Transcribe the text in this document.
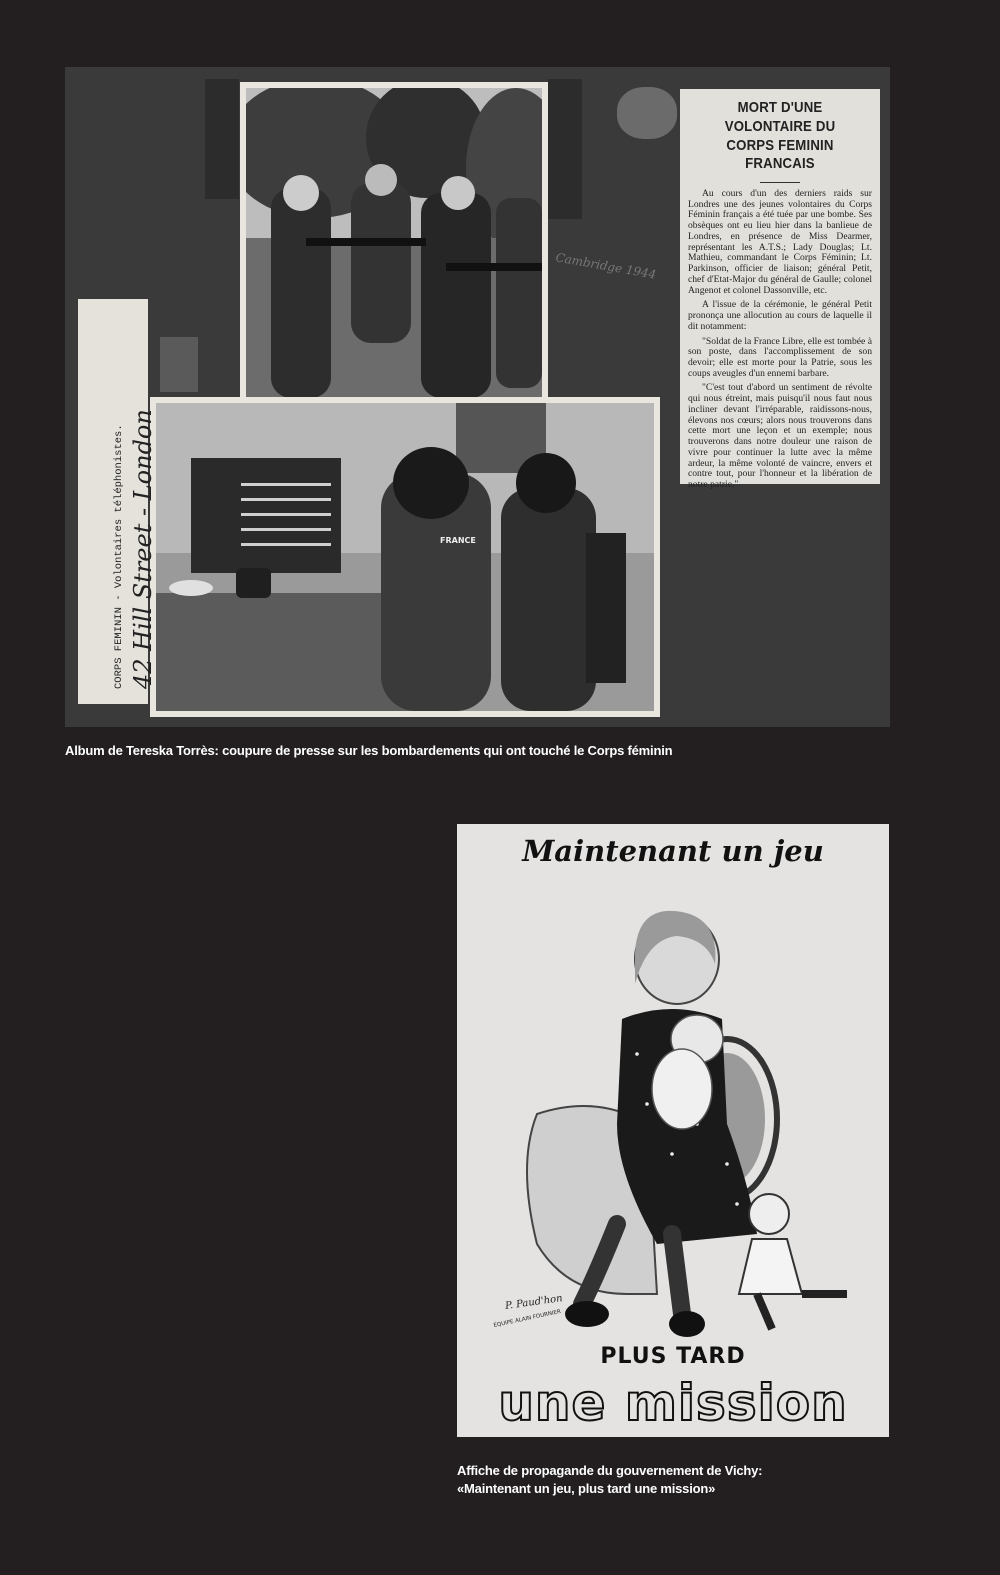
Cambridge 1944
FRANCE
MORT D'UNE VOLONTAIRE DU CORPS FEMININ FRANCAIS

Au cours d'un des derniers raids sur Londres une des jeunes volontaires du Corps Féminin français a été tuée par une bombe. Ses obsèques ont eu lieu hier dans la banlieue de Londres, en présence de Miss Dearmer, représentant les A.T.S.; Lady Douglas; Lt. Mathieu, commandant le Corps Féminin; Lt. Parkinson, officier de liaison; général Petit, chef d'Etat-Major du général de Gaulle; colonel Angenot et colonel Dassonville, etc.

A l'issue de la cérémonie, le général Petit prononça une allocution au cours de laquelle il dit notamment:

"Soldat de la France Libre, elle est tombée à son poste, dans l'accomplissement de son devoir; elle est morte pour la Patrie, sous les coups aveugles d'un ennemi barbare.

"C'est tout d'abord un sentiment de révolte qui nous étreint, mais puisqu'il nous faut nous incliner devant l'irréparable, raidissons-nous, élevons nos cœurs; alors nous trouverons dans cette mort une leçon et un exemple; nous trouverons dans notre douleur une raison de vivre pour continuer la lutte avec la même ardeur, la même volonté de vaincre, envers et contre tout, pour l'honneur et la libération de notre patrie."

CORPS FEMININ - Volontaires téléphonistes. 42 Hill Street - London
Album de Tereska Torrès: coupure de presse sur les bombardements qui ont touché le Corps féminin
Maintenant un jeu
P. Paud'hon
ÉQUIPE ALAIN FOURNIER
PLUS TARD
une mission
Affiche de propagande du gouvernement de Vichy:
«Maintenant un jeu, plus tard une mission»
